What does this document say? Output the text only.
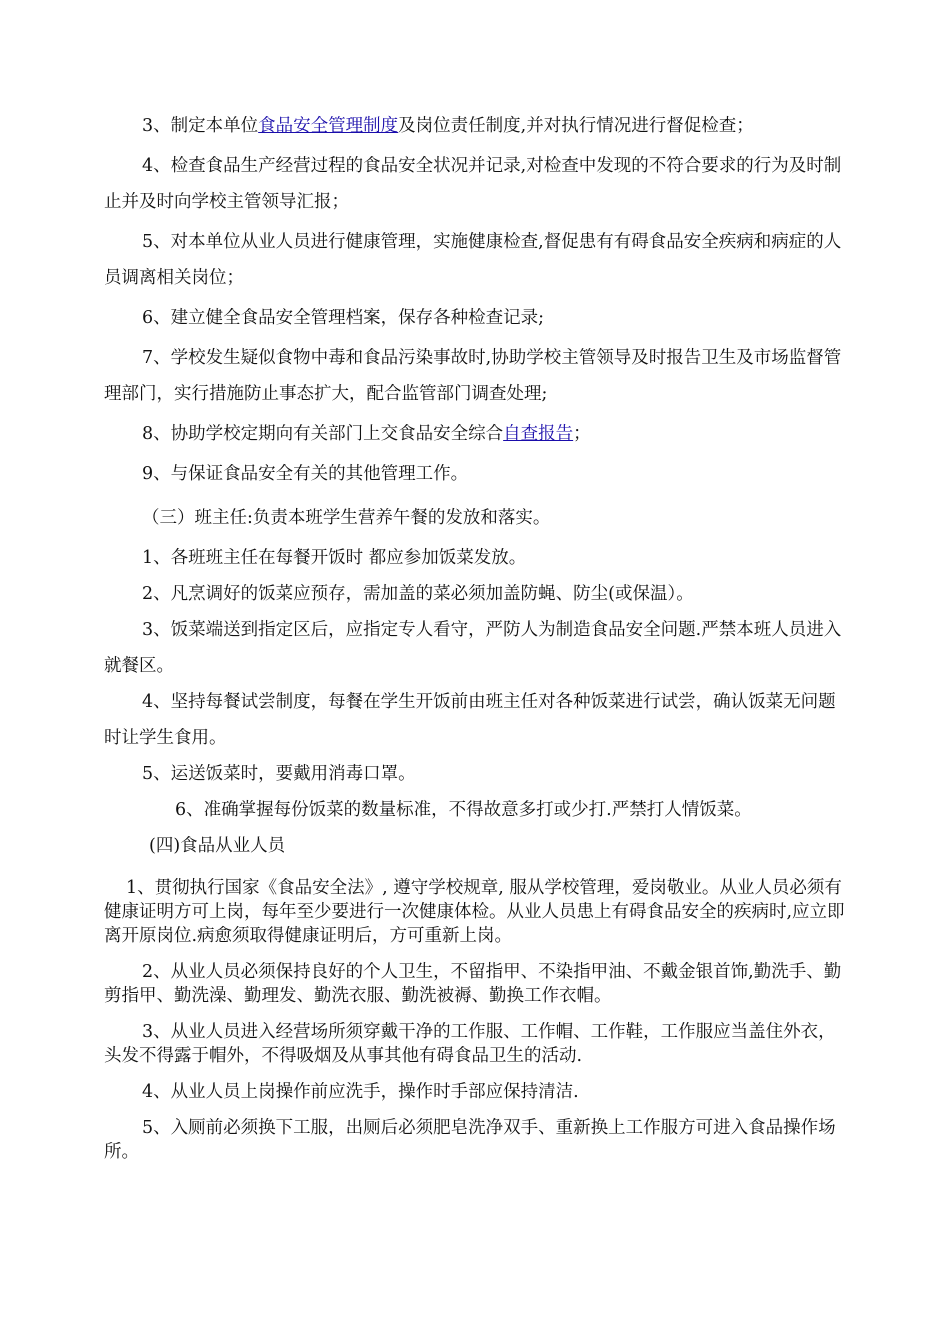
3、制定本单位食品安全管理制度及岗位责任制度,并对执行情况进行督促检查；

4、检查食品生产经营过程的食品安全状况并记录,对检查中发现的不符合要求的行为及时制止并及时向学校主管领导汇报；

5、对本单位从业人员进行健康管理，实施健康检查,督促患有有碍食品安全疾病和病症的人员调离相关岗位；

6、建立健全食品安全管理档案，保存各种检查记录;

7、学校发生疑似食物中毒和食品污染事故时,协助学校主管领导及时报告卫生及市场监督管理部门，实行措施防止事态扩大，配合监管部门调查处理;

8、协助学校定期向有关部门上交食品安全综合自查报告；

9、与保证食品安全有关的其他管理工作。

（三）班主任:负责本班学生营养午餐的发放和落实。

1、各班班主任在每餐开饭时 都应参加饭菜发放。

2、凡烹调好的饭菜应预存，需加盖的菜必须加盖防蝇、防尘(或保温）。

3、饭菜端送到指定区后，应指定专人看守，严防人为制造食品安全问题.严禁本班人员进入就餐区。

4、坚持每餐试尝制度，每餐在学生开饭前由班主任对各种饭菜进行试尝，确认饭菜无问题时让学生食用。

5、运送饭菜时，要戴用消毒口罩。

6、准确掌握每份饭菜的数量标准，不得故意多打或少打.严禁打人情饭菜。

(四)食品从业人员

1、贯彻执行国家《食品安全法》, 遵守学校规章, 服从学校管理，爱岗敬业。从业人员必须有健康证明方可上岗，每年至少要进行一次健康体检。从业人员患上有碍食品安全的疾病时,应立即离开原岗位.病愈须取得健康证明后，方可重新上岗。

2、从业人员必须保持良好的个人卫生，不留指甲、不染指甲油、不戴金银首饰,勤洗手、勤剪指甲、勤洗澡、勤理发、勤洗衣服、勤洗被褥、勤换工作衣帽。

3、从业人员进入经营场所须穿戴干净的工作服、工作帽、工作鞋，工作服应当盖住外衣，头发不得露于帽外，不得吸烟及从事其他有碍食品卫生的活动.

4、从业人员上岗操作前应洗手，操作时手部应保持清洁.

5、入厕前必须换下工服，出厕后必须肥皂洗净双手、重新换上工作服方可进入食品操作场所。
